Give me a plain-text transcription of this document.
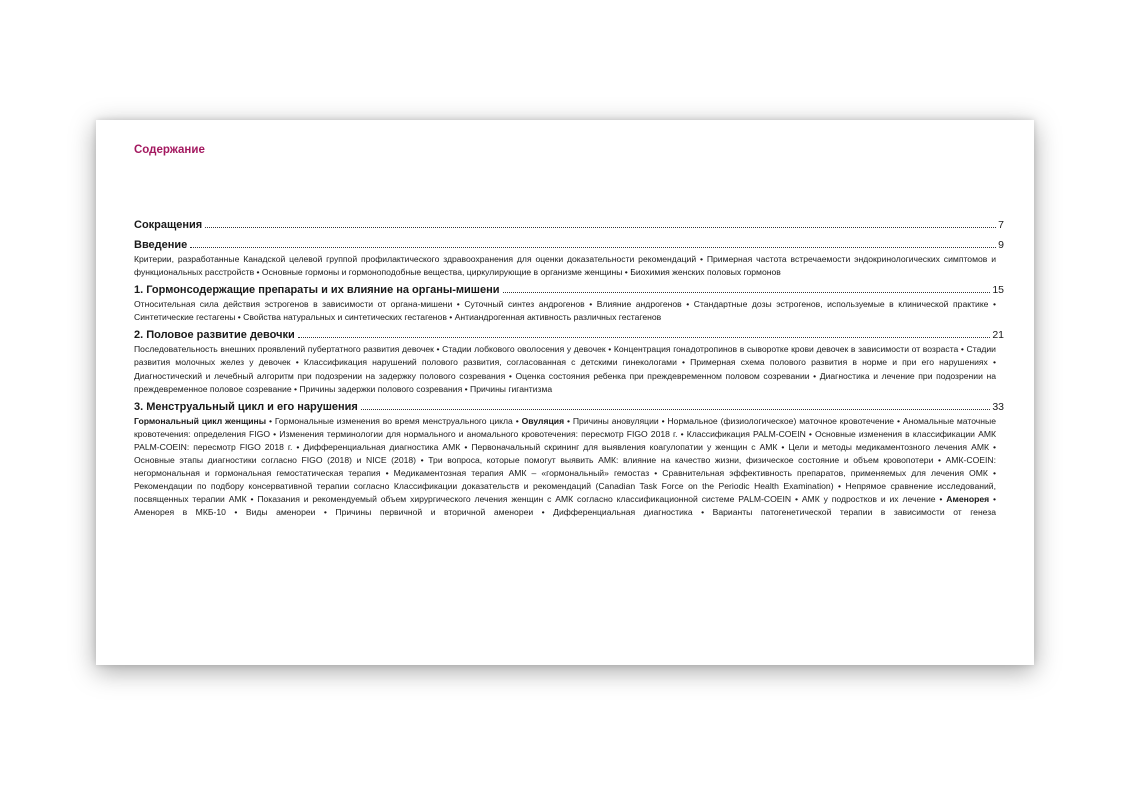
Содержание
Сокращения	7
Введение	9
Критерии, разработанные Канадской целевой группой профилактического здравоохранения для оценки доказательности рекомендаций • Примерная частота встречаемости эндокринологических симптомов и функциональных расстройств • Основные гормоны и гормоноподобные вещества, циркулирующие в организме женщины • Биохимия женских половых гормонов
1. Гормонсодержащие препараты и их влияние на органы-мишени	15
Относительная сила действия эстрогенов в зависимости от органа-мишени • Суточный синтез андрогенов • Влияние андрогенов • Стандартные дозы эстрогенов, используемые в клинической практике • Синтетические гестагены • Свойства натуральных и синтетических гестагенов • Антиандрогенная активность различных гестагенов
2. Половое развитие девочки	21
Последовательность внешних проявлений пубертатного развития девочек • Стадии лобкового оволосения у девочек • Концентрация гонадотропинов в сыворотке крови девочек в зависимости от возраста • Стадии развития молочных желез у девочек • Классификация нарушений полового развития, согласованная с детскими гинекологами • Примерная схема полового развития в норме и при его нарушениях • Диагностический и лечебный алгоритм при подозрении на задержку полового созревания • Оценка состояния ребенка при преждевременном половом созревании • Диагностика и лечение при подозрении на преждевременное половое созревание • Причины задержки полового созревания • Причины гигантизма
3. Менструальный цикл и его нарушения	33
Гормональный цикл женщины • Гормональные изменения во время менструального цикла • Овуляция • Причины ановуляции • Нормальное (физиологическое) маточное кровотечение • Аномальные маточные кровотечения: определения FIGO • Изменения терминологии для нормального и аномального кровотечения: пересмотр FIGO 2018 г. • Классификация PALM-COEIN • Основные изменения в классификации АМК PALM-COEIN: пересмотр FIGO 2018 г. • Дифференциальная диагностика АМК • Первоначальный скрининг для выявления коагулопатии у женщин с АМК • Цели и методы медикаментозного лечения АМК • Основные этапы диагностики согласно FIGO (2018) и NICE (2018) • Три вопроса, которые помогут выявить АМК: влияние на качество жизни, физическое состояние и объем кровопотери • АМК-COEIN: негормональная и гормональная гемостатическая терапия • Медикаментозная терапия АМК – «гормональный» гемостаз • Сравнительная эффективность препаратов, применяемых для лечения ОМК • Рекомендации по подбору консервативной терапии согласно Классификации доказательств и рекомендаций (Canadian Task Force on the Periodic Health Examination) • Непрямое сравнение исследований, посвященных терапии АМК • Показания и рекомендуемый объем хирургического лечения женщин с АМК согласно классификационной системе PALM-COEIN • АМК у подростков и их лечение • Аменорея • Аменорея в МКБ-10 • Виды аменореи • Причины первичной и вторичной аменореи • Дифференциальная диагностика • Варианты патогенетической терапии в зависимости от генеза
